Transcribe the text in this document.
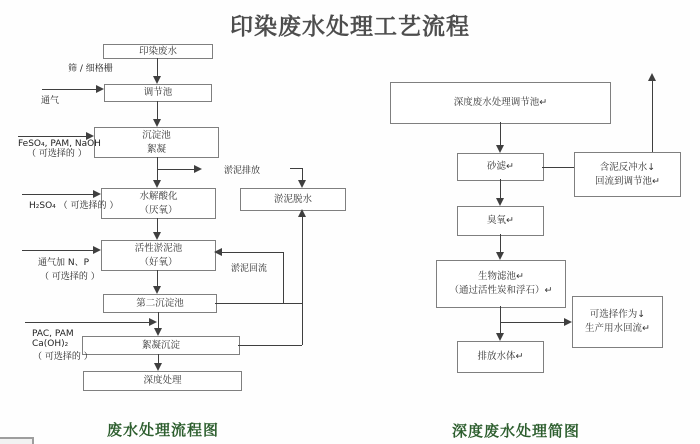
印染废水处理工艺流程
印染废水
调节池
沉淀池
絮凝
水解酸化
（厌氧）
活性淤泥池
（好氧）
第二沉淀池
絮凝沉淀
深度处理
淤泥脱水
筛 / 细格栅
通气
FeSO₄, PAM, NaOH
（ 可选择的 ）
H₂SO₄ （ 可选择的 ）
通气加 N、P
（ 可选择的 ）
PAC, PAM
Ca(OH)₂
（ 可选择的 ）
淤泥排放
淤泥回流
废水处理流程图
深度废水处理调节池↵
砂滤↵	含泥反冲水↓
回流到调节池↵
臭氧↵
生物滤池↵
（通过活性炭和浮石）↵
可选择作为↓
生产用水回流↵
排放水体↵
深度废水处理简图
